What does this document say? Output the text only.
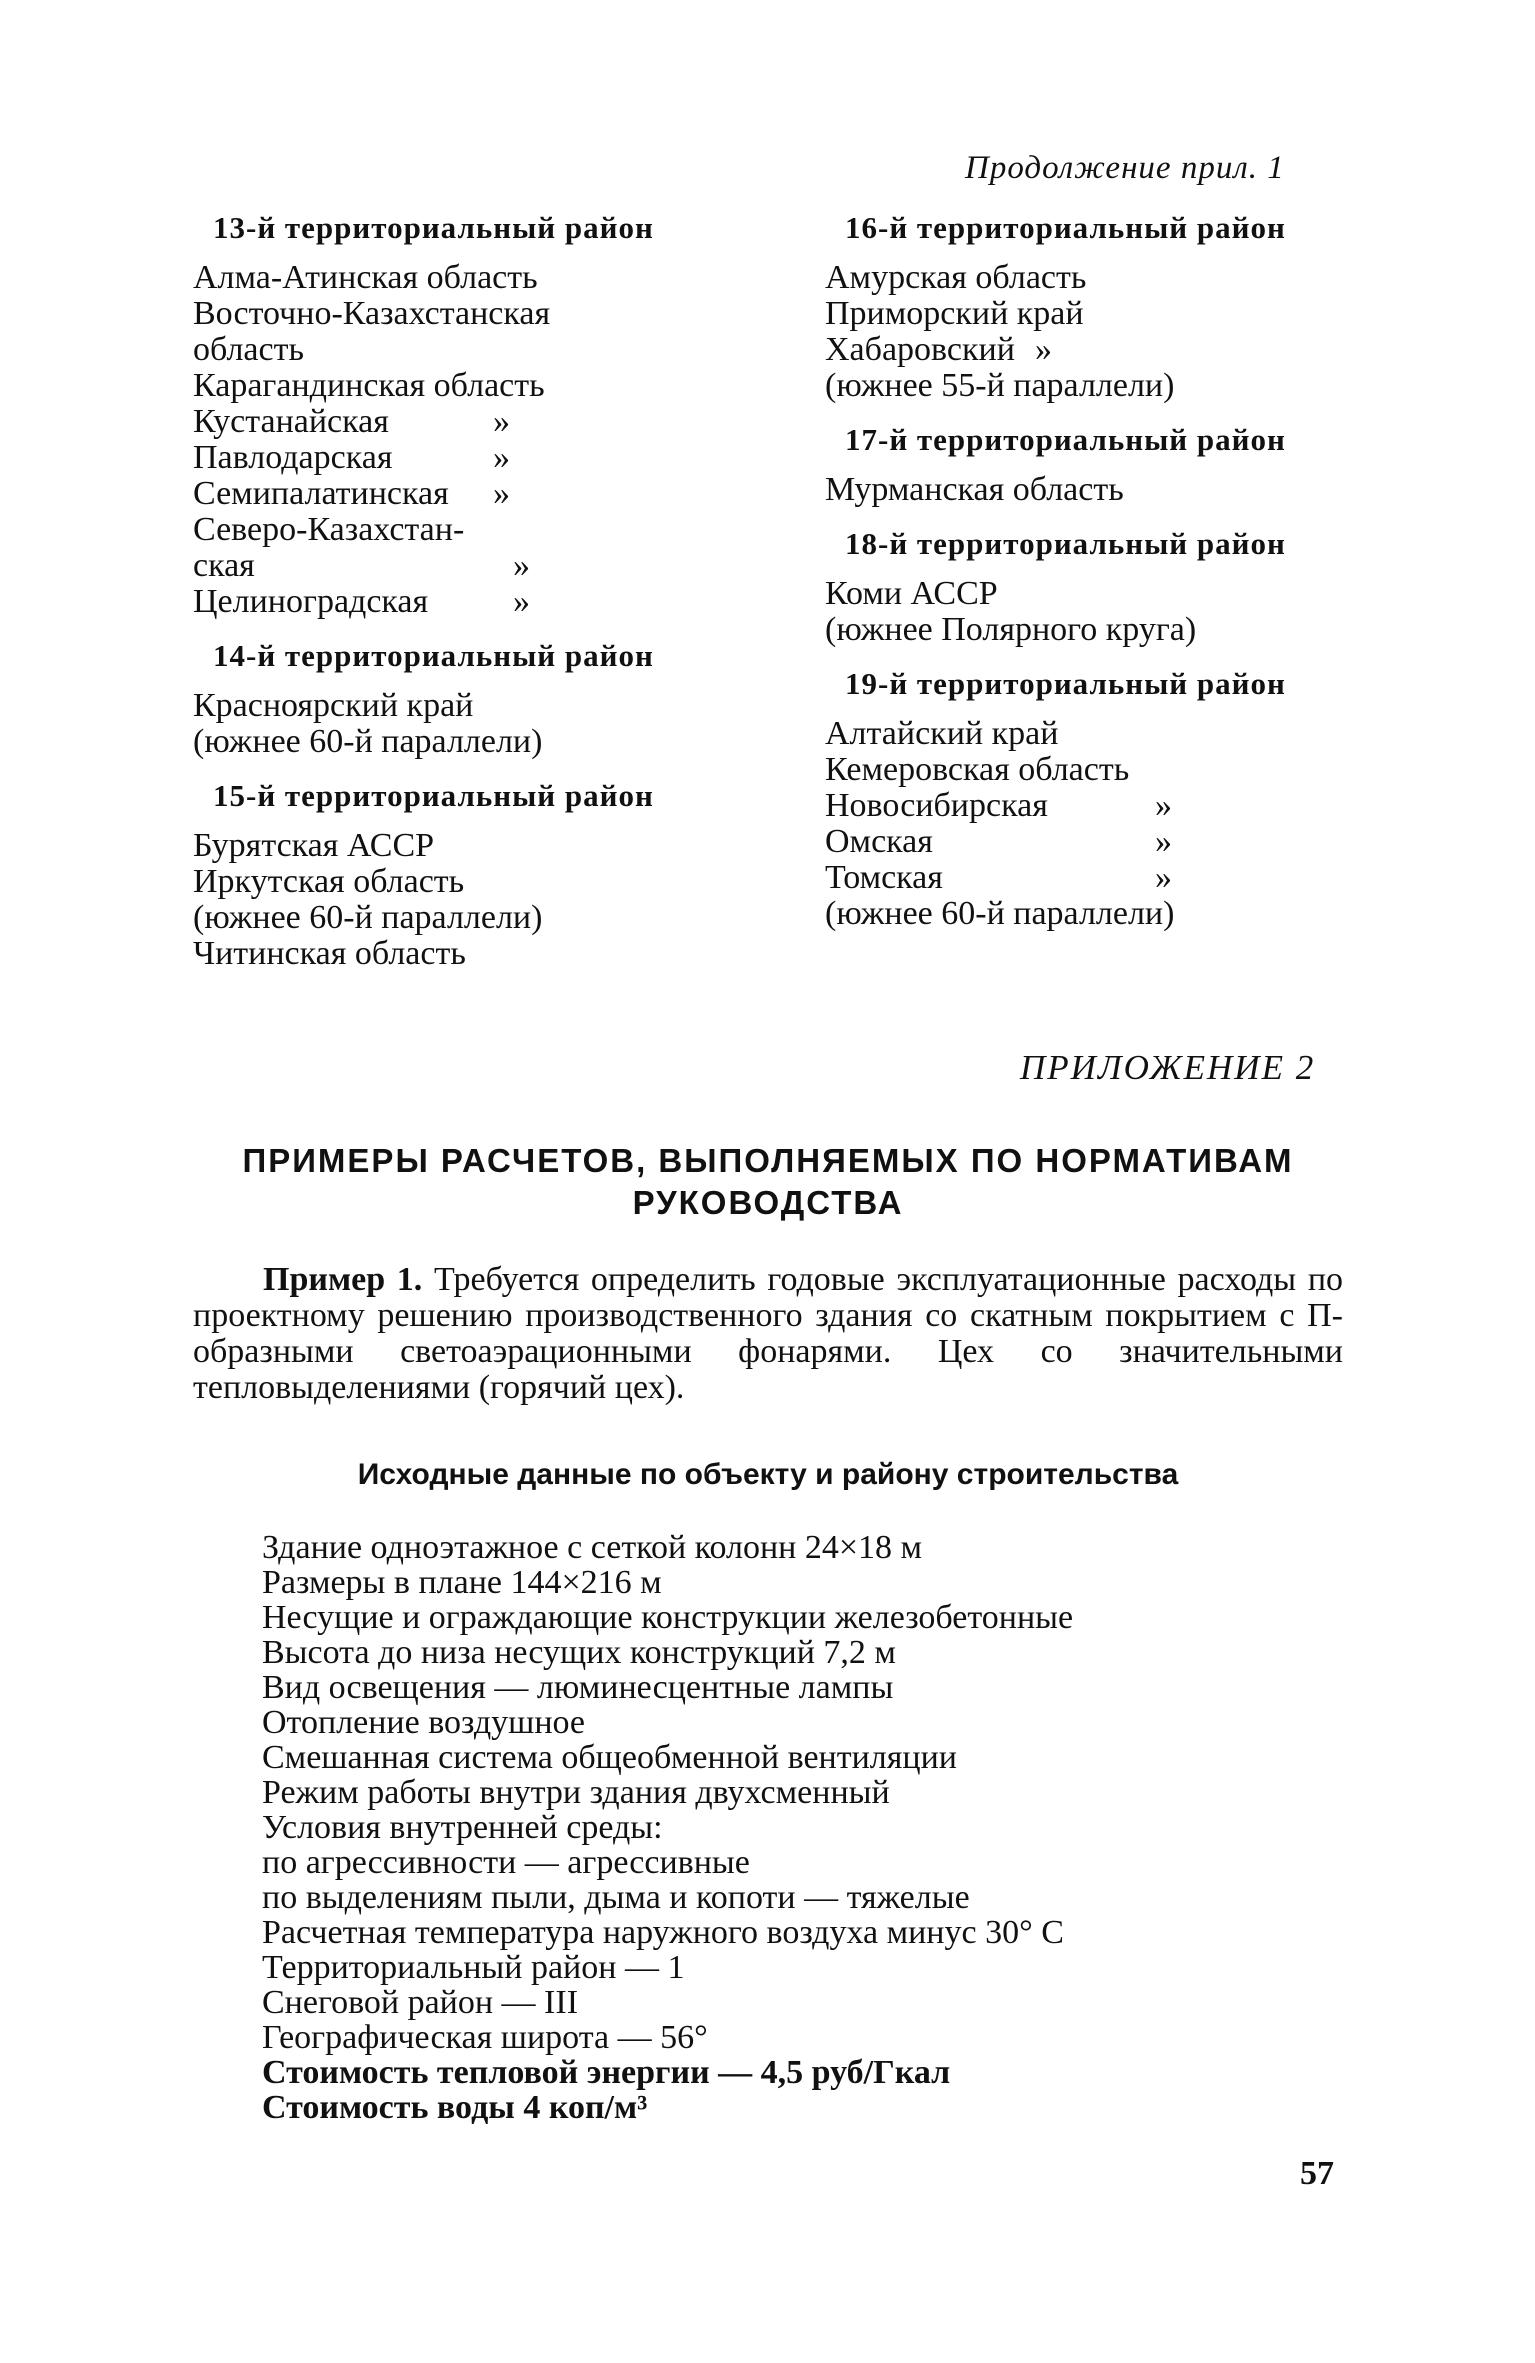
Продолжение прил. 1
13-й территориальный район
Алма-Атинская область
Восточно-Казахстанская
область
Карагандинская область
Кустанайская	»
Павлодарская	»
Семипалатинская	»
Северо-Казахстан-
ская	»
Целиноградская	»
14-й территориальный район
Красноярский край
(южнее 60-й параллели)
15-й территориальный район
Бурятская АССР
Иркутская область
(южнее 60-й параллели)
Читинская область
16-й территориальный район
Амурская область
Приморский край
Хабаровский »
(южнее 55-й параллели)
17-й территориальный район
Мурманская область
18-й территориальный район
Коми АССР
(южнее Полярного круга)
19-й территориальный район
Алтайский край
Кемеровская область
Новосибирская	»
Омская	»
Томская	»
(южнее 60-й параллели)
ПРИЛОЖЕНИЕ 2
ПРИМЕРЫ РАСЧЕТОВ, ВЫПОЛНЯЕМЫХ ПО НОРМАТИВАМ РУКОВОДСТВА
Пример 1. Требуется определить годовые эксплуатационные расходы по проектному решению производственного здания со скатным покрытием с П-образными светоаэрационными фонарями. Цех со значительными тепловыделениями (горячий цех).
Исходные данные по объекту и району строительства
Здание одноэтажное с сеткой колонн 24×18 м
Размеры в плане 144×216 м
Несущие и ограждающие конструкции железобетонные
Высота до низа несущих конструкций 7,2 м
Вид освещения — люминесцентные лампы
Отопление воздушное
Смешанная система общеобменной вентиляции
Режим работы внутри здания двухсменный
Условия внутренней среды:
по агрессивности — агрессивные
по выделениям пыли, дыма и копоти — тяжелые
Расчетная температура наружного воздуха минус 30° С
Территориальный район — 1
Снеговой район — III
Географическая широта — 56°
Стоимость тепловой энергии — 4,5 руб/Гкал
Стоимость воды 4 коп/м³
57
